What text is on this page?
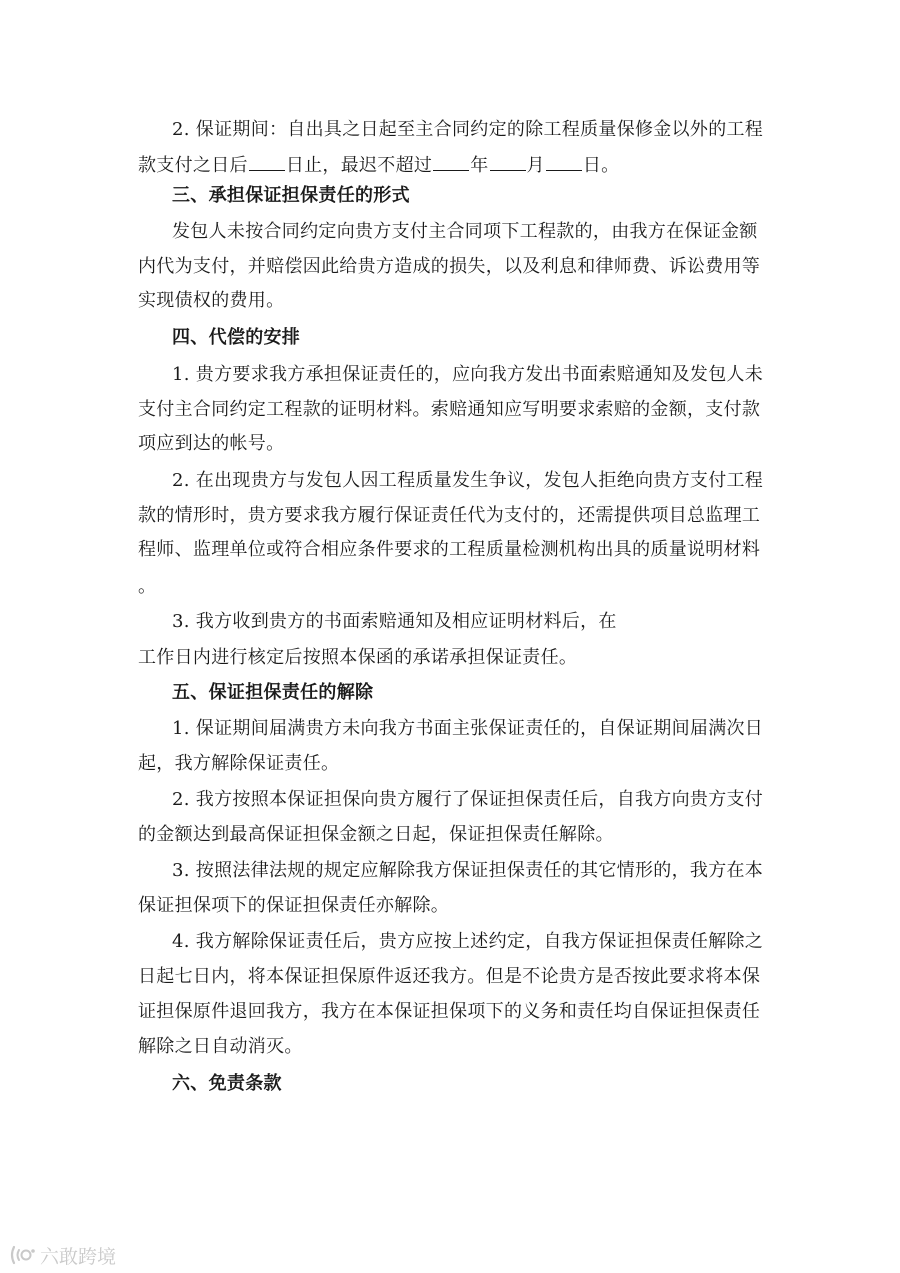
2. 保证期间：自出具之日起至主合同约定的除工程质量保修金以外的工程
款支付之日后 日止，最迟不超过 年 月 日。
三、承担保证担保责任的形式
发包人未按合同约定向贵方支付主合同项下工程款的，由我方在保证金额
内代为支付，并赔偿因此给贵方造成的损失，以及利息和律师费、诉讼费用等
实现债权的费用。
四、代偿的安排
1. 贵方要求我方承担保证责任的，应向我方发出书面索赔通知及发包人未
支付主合同约定工程款的证明材料。索赔通知应写明要求索赔的金额，支付款
项应到达的帐号。
2. 在出现贵方与发包人因工程质量发生争议，发包人拒绝向贵方支付工程
款的情形时，贵方要求我方履行保证责任代为支付的，还需提供项目总监理工
程师、监理单位或符合相应条件要求的工程质量检测机构出具的质量说明材料
。
3. 我方收到贵方的书面索赔通知及相应证明材料后，在
工作日内进行核定后按照本保函的承诺承担保证责任。
五、保证担保责任的解除
1. 保证期间届满贵方未向我方书面主张保证责任的，自保证期间届满次日
起，我方解除保证责任。
2. 我方按照本保证担保向贵方履行了保证担保责任后，自我方向贵方支付
的金额达到最高保证担保金额之日起，保证担保责任解除。
3. 按照法律法规的规定应解除我方保证担保责任的其它情形的，我方在本
保证担保项下的保证担保责任亦解除。
4. 我方解除保证责任后，贵方应按上述约定，自我方保证担保责任解除之
日起七日内，将本保证担保原件返还我方。但是不论贵方是否按此要求将本保
证担保原件退回我方，我方在本保证担保项下的义务和责任均自保证担保责任
解除之日自动消灭。
六、免责条款
六敢跨境
